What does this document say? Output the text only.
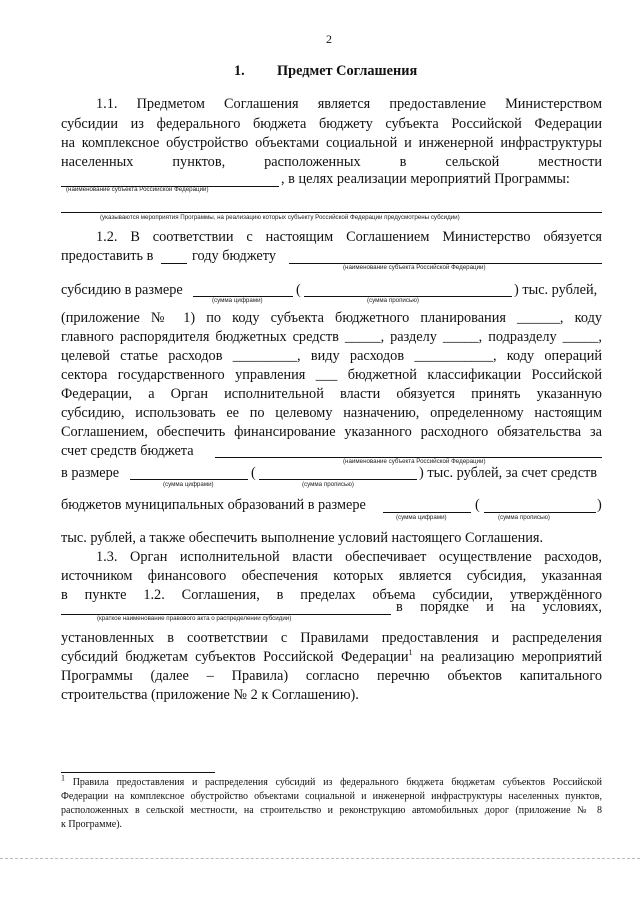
2
1. Предмет Соглашения
1.1. Предметом Соглашения является предоставление Министерством
субсидии из федерального бюджета бюджету субъекта Российской Федерации
на комплексное обустройство объектами социальной и инженерной инфраструктуры
населенных пунктов, расположенных в сельской местности
, в целях реализации мероприятий Программы:
(наименование субъекта Российской Федерации)
(указываются мероприятия Программы, на реализацию которых субъекту Российской Федерации предусмотрены субсидии)
1.2. В соответствии с настоящим Соглашением Министерство обязуется
предоставить в	году бюджету
(наименование субъекта Российской Федерации)
субсидию в размере	(	) тыс. рублей,
(сумма цифрами)	(сумма прописью)
(приложение № 1) по коду субъекта бюджетного планирования ______, коду
главного распорядителя бюджетных средств _____, разделу _____, подразделу _____,
целевой статье расходов _________, виду расходов ___________, коду операций
сектора государственного управления ___ бюджетной классификации Российской
Федерации, а Орган исполнительной власти обязуется принять указанную
субсидию, использовать ее по целевому назначению, определенному настоящим
Соглашением, обеспечить финансирование указанного расходного обязательства за
счет средств бюджета
(наименование субъекта Российской Федерации)
в размере	(	) тыс. рублей, за счет средств
(сумма цифрами)	(сумма прописью)
бюджетов муниципальных образований в размере	(	)
(сумма цифрами)	(сумма прописью)
тыс. рублей, а также обеспечить выполнение условий настоящего Соглашения.
1.3. Орган исполнительной власти обеспечивает осуществление расходов,
источником финансового обеспечения которых является субсидия, указанная
в пункте 1.2. Соглашения, в пределах объема субсидии, утверждённого
в порядке и на условиях,
(краткое наименование правового акта о распределении субсидии)
установленных в соответствии с Правилами предоставления и распределения
субсидий бюджетам субъектов Российской Федерации$^1$ на реализацию мероприятий
Программы (далее – Правила) согласно перечню объектов капитального
строительства (приложение № 2 к Соглашению).
$^1$ Правила предоставления и распределения субсидий из федерального бюджета бюджетам субъектов Российской
Федерации на комплексное обустройство объектами социальной и инженерной инфраструктуры населенных пунктов,
расположенных в сельской местности, на строительство и реконструкцию автомобильных дорог (приложение № 8
к Программе).
